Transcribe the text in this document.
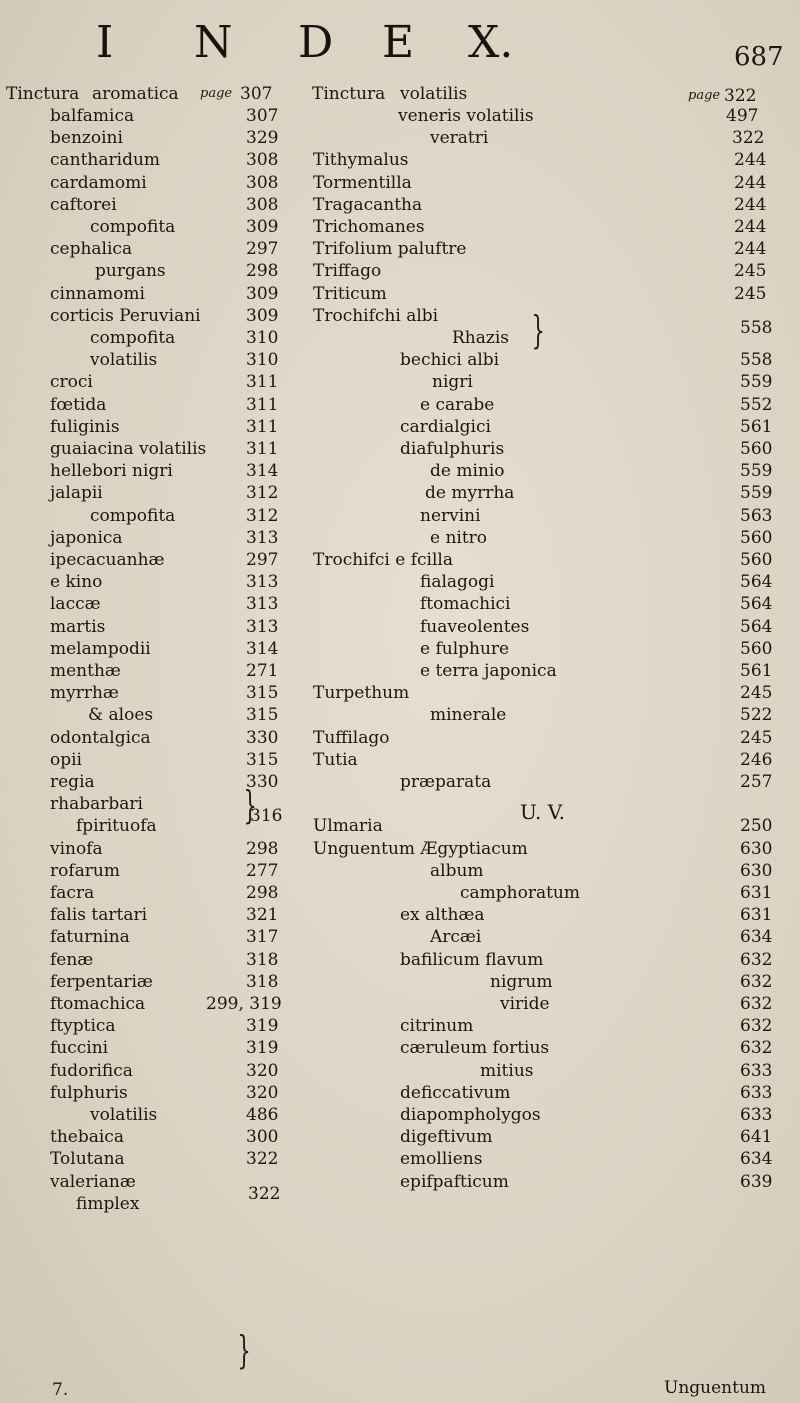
I N D E X.	687
Tinctura aromatica page 307
balfamica	307
benzoini	329
cantharidum	308
cardamomi	308
caftorei	308
compofita	309
cephalica	297
purgans	298
cinnamomi	309
corticis Peruviani	309
compofita	310
volatilis	310
croci	311
fœtida	311
fuliginis	311
guaiacina volatilis 311
hellebori nigri	314
jalapii	312
compofita	312
japonica	313
ipecacuanhæ	297
e kino	313
laccæ	313
martis	313
melampodii	314
menthæ	271
myrrhæ	315
& aloes	315
odontalgica	330
opii	315
regia	330
rhabarbari
fpirituofa	316
vinofa	298
rofarum	277
facra	298
falis tartari	321
faturnina	317
fenæ	318
ferpentariæ	318
ftomachica	299, 319
ftyptica	319
fuccini	319
fudorifica	320
fulphuris	320
volatilis	486
thebaica	300
Tolutana	322
valerianæ
fimplex	322
}
}
7.
Tinctura volatilis	page 322
veneris volatilis	497
veratri	322
Tithymalus	244
Tormentilla	244
Tragacantha	244
Trichomanes	244
Trifolium paluftre	244
Triffago	245
Triticum	245
Trochifchi albi
Rhazis	558
bechici albi	558
nigri	559
e carabe	552
cardialgici	561
diafulphuris	560
de minio	559
de myrrha	559
nervini	563
e nitro	560
Trochifci e fcilla	560
fialagogi	564
ftomachici	564
fuaveolentes	564
e fulphure	560
e terra japonica	561
Turpethum	245
minerale	522
Tuffilago	245
Tutia	246
præparata	257
U. V.
Ulmaria	250
Unguentum Ægyptiacum	630
album	630
camphoratum	631
ex althæa	631
Arcæi	634
bafilicum flavum	632
nigrum	632
viride	632
citrinum	632
cæruleum fortius	632
mitius	633
deficcativum	633
diapompholygos	633
digeftivum	641
emolliens	634
epifpafticum	639
}
Unguentum
